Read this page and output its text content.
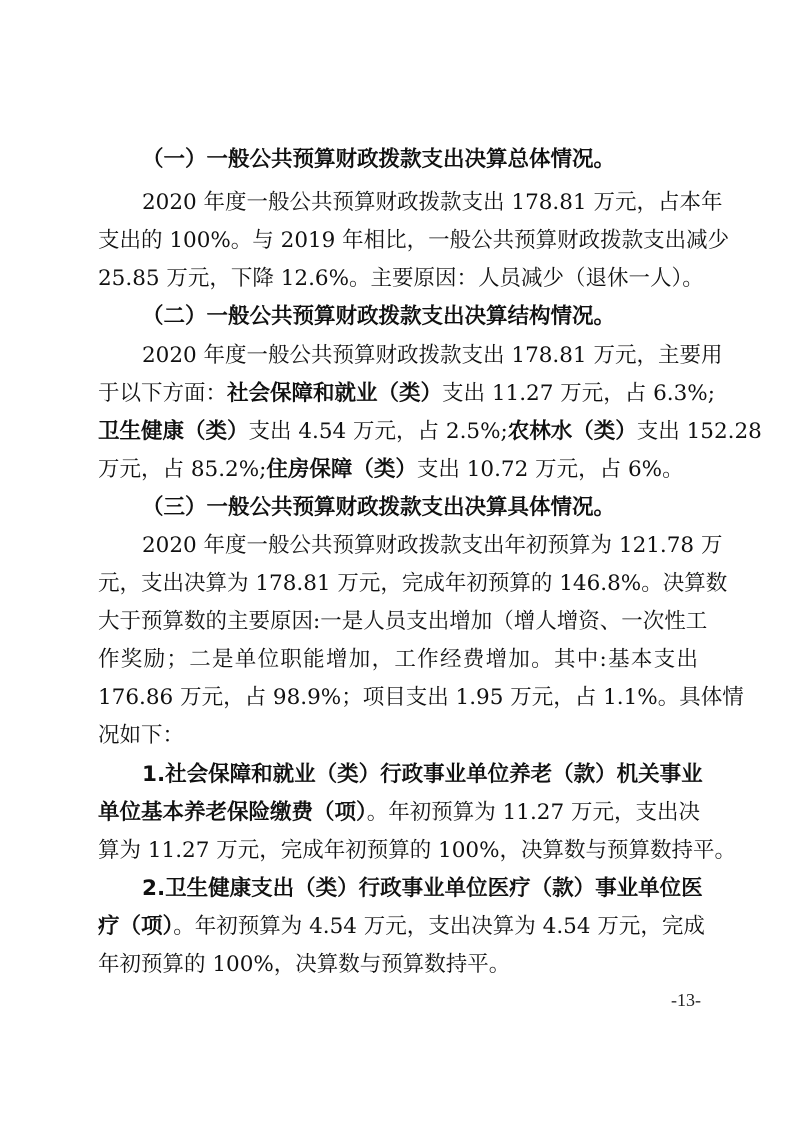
（一）一般公共预算财政拨款支出决算总体情况。
2020 年度一般公共预算财政拨款支出 178.81 万元，占本年
支出的 100%。与 2019 年相比，一般公共预算财政拨款支出减少
25.85 万元，下降 12.6%。主要原因：人员减少（退休一人）。
（二）一般公共预算财政拨款支出决算结构情况。
2020 年度一般公共预算财政拨款支出 178.81 万元，主要用
于以下方面：社会保障和就业（类）支出 11.27 万元，占 6.3%;
卫生健康（类）支出 4.54 万元，占 2.5%;农林水（类）支出 152.28
万元，占 85.2%;住房保障（类）支出 10.72 万元，占 6%。
（三）一般公共预算财政拨款支出决算具体情况。
2020 年度一般公共预算财政拨款支出年初预算为 121.78 万
元，支出决算为 178.81 万元，完成年初预算的 146.8%。决算数
大于预算数的主要原因:一是人员支出增加（增人增资、一次性工
作奖励；二是单位职能增加，工作经费增加。其中:基本支出
176.86 万元，占 98.9%；项目支出 1.95 万元，占 1.1%。具体情
况如下：
1.社会保障和就业（类）行政事业单位养老（款）机关事业
单位基本养老保险缴费（项）。年初预算为 11.27 万元，支出决
算为 11.27 万元，完成年初预算的 100%，决算数与预算数持平。
2.卫生健康支出（类）行政事业单位医疗（款）事业单位医
疗（项）。年初预算为 4.54 万元，支出决算为 4.54 万元，完成
年初预算的 100%，决算数与预算数持平。
-13-
